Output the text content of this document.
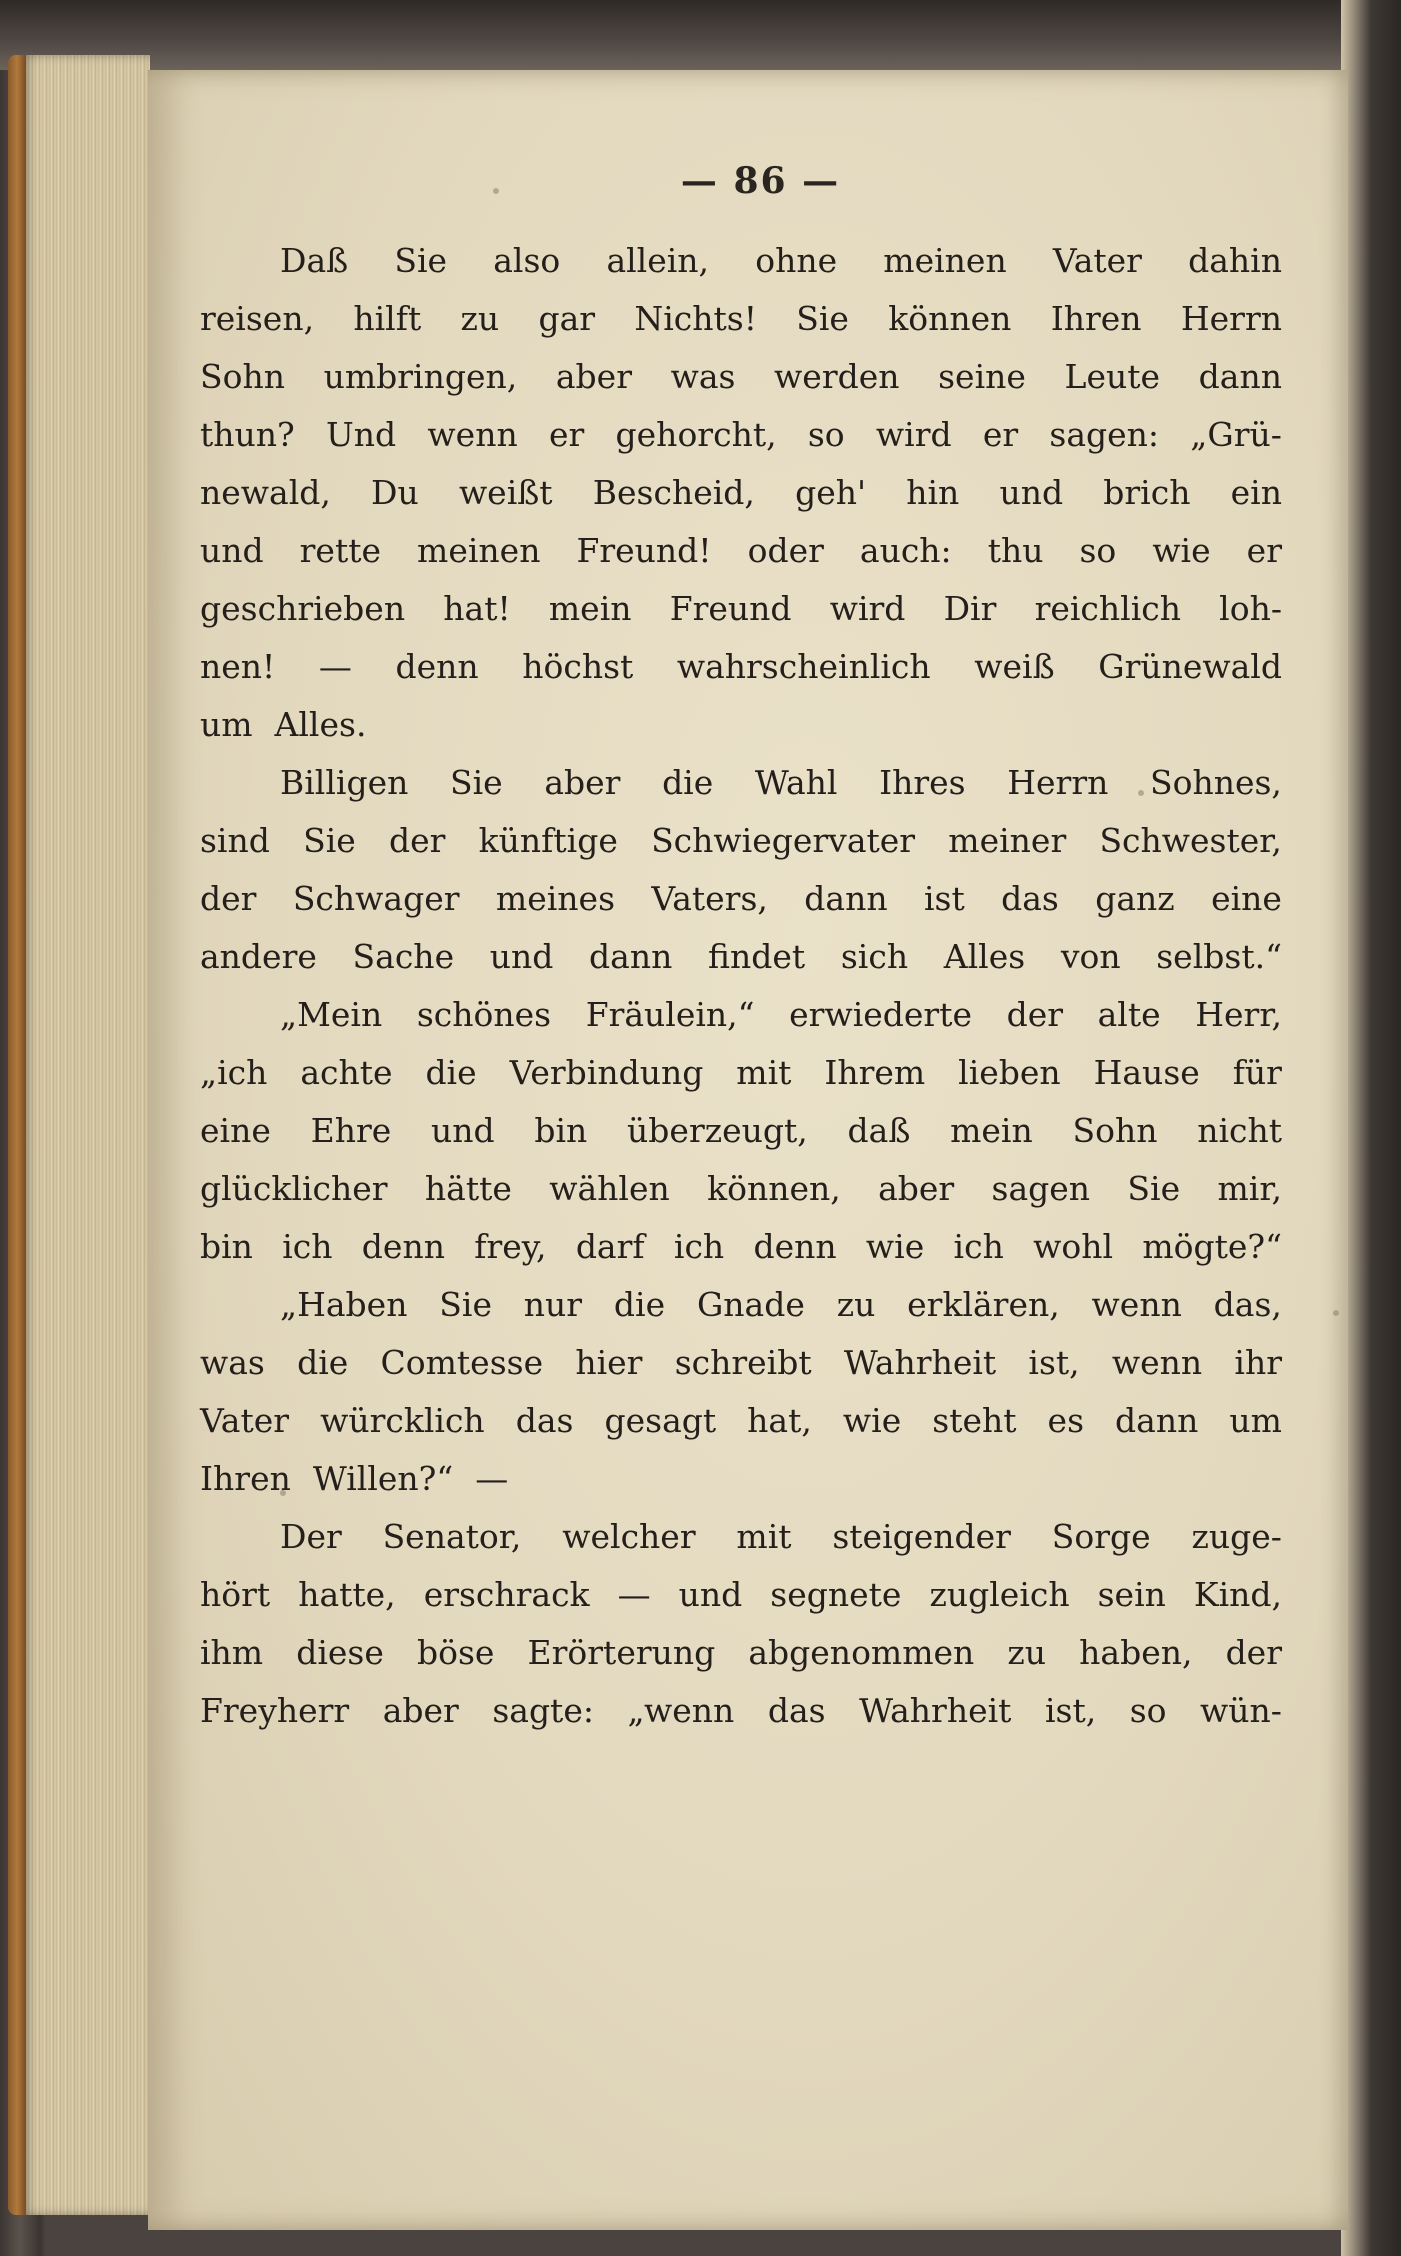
— 86 —
Daß Sie also allein, ohne meinen Vater dahin
reisen, hilft zu gar Nichts! Sie können Ihren Herrn
Sohn umbringen, aber was werden seine Leute dann
thun? Und wenn er gehorcht, so wird er sagen: „Grü-
newald, Du weißt Bescheid, geh' hin und brich ein
und rette meinen Freund! oder auch: thu so wie er
geschrieben hat! mein Freund wird Dir reichlich loh-
nen! — denn höchst wahrscheinlich weiß Grünewald
um Alles.
Billigen Sie aber die Wahl Ihres Herrn Sohnes,
sind Sie der künftige Schwiegervater meiner Schwester,
der Schwager meines Vaters, dann ist das ganz eine
andere Sache und dann findet sich Alles von selbst.“
„Mein schönes Fräulein,“ erwiederte der alte Herr,
„ich achte die Verbindung mit Ihrem lieben Hause für
eine Ehre und bin überzeugt, daß mein Sohn nicht
glücklicher hätte wählen können, aber sagen Sie mir,
bin ich denn frey, darf ich denn wie ich wohl mögte?“
„Haben Sie nur die Gnade zu erklären, wenn das,
was die Comtesse hier schreibt Wahrheit ist, wenn ihr
Vater würcklich das gesagt hat, wie steht es dann um
Ihren Willen?“ —
Der Senator, welcher mit steigender Sorge zuge-
hört hatte, erschrack — und segnete zugleich sein Kind,
ihm diese böse Erörterung abgenommen zu haben, der
Freyherr aber sagte: „wenn das Wahrheit ist, so wün-
